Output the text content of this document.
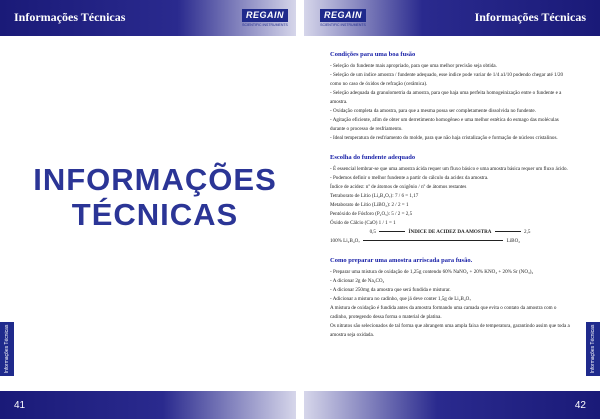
Informações Técnicas	REGAIN
SCIENTIFIC INSTRUMENTS
REGAIN
SCIENTIFIC INSTRUMENTS
Informações Técnicas
INFORMAÇÕES
TÉCNICAS
Informações Técnicas	Informações Técnicas
Condições para uma boa fusão

- Seleção do fundente mais apropriado, para que uma melhor precisão seja obtida.

- Seleção de um índice amostra / fundente adequado, esse índice pode variar de 1/4 a1/10 podendo chegar até 1/20 como no caso de óxidos de refração (cerâmica).

- Seleção adequada da granulometria da amostra, para que haja uma perfeita homogeinização entre o fundente e a amostra.

- Oxidação completa da amostra, para que a mesma possa ser completamente dissolvida no fundente.

- Agitação eficiente, afim de obter um derretimento homogêneo e uma melhor estética do esmago das moléculas durante o processo de resfriamento.

- Ideal temperatura de resfriamento do molde, para que não haja cristalização e formação de núcleos cristalinos.

Escolha do fundente adequado

- É essencial lembrar-se que uma amostra ácida requer um fluxo básico e uma amostra básica requer um fluxo ácido.

- Podemos definir o melhor fundente a partir do cálculo da acidez da amostra.

Índice de acidez: nº de átomos de oxigênio / nº de átomos restantes

Tetraborato de Lítio (Li₂B₄O₇): 7 / 6 = 1,17

Metaborato de Lítio (LiBO₂): 2 / 2 = 1

Pentóxido de Fósforo (P₂O₅): 5 / 2 = 2,5

Óxido de Cálcio (CaO) 1 / 1 = 1

0,5	ÍNDICE DE ACIDEZ DA AMOSTRA	2,5

100% Li₂B₄O₇	LiBO₂

Como preparar uma amostra arriscada para fusão.

- Preparar uma mistura de oxidação de 1,25g contendo 60% NaNO₃ + 20% KNO₃ + 20% Sr (NO₃)₂

- A dicionar 2g de Na₂CO₃

- A dicionar 250mg da amostra que será fundida e misturar.

- Adicionar a mistura no cadinho, que já deve conter 1,5g de Li₂B₄O₇

A mistura de oxidação é fundida antes da amostra formando uma camada que evita o contato da amostra com o cadinho, protegendo dessa forma o material de platina.

Os nitratos são selecionados de tal forma que abrangem uma ampla faixa de temperatura, garantindo assim que toda a amostra seja oxidada.

41	42
